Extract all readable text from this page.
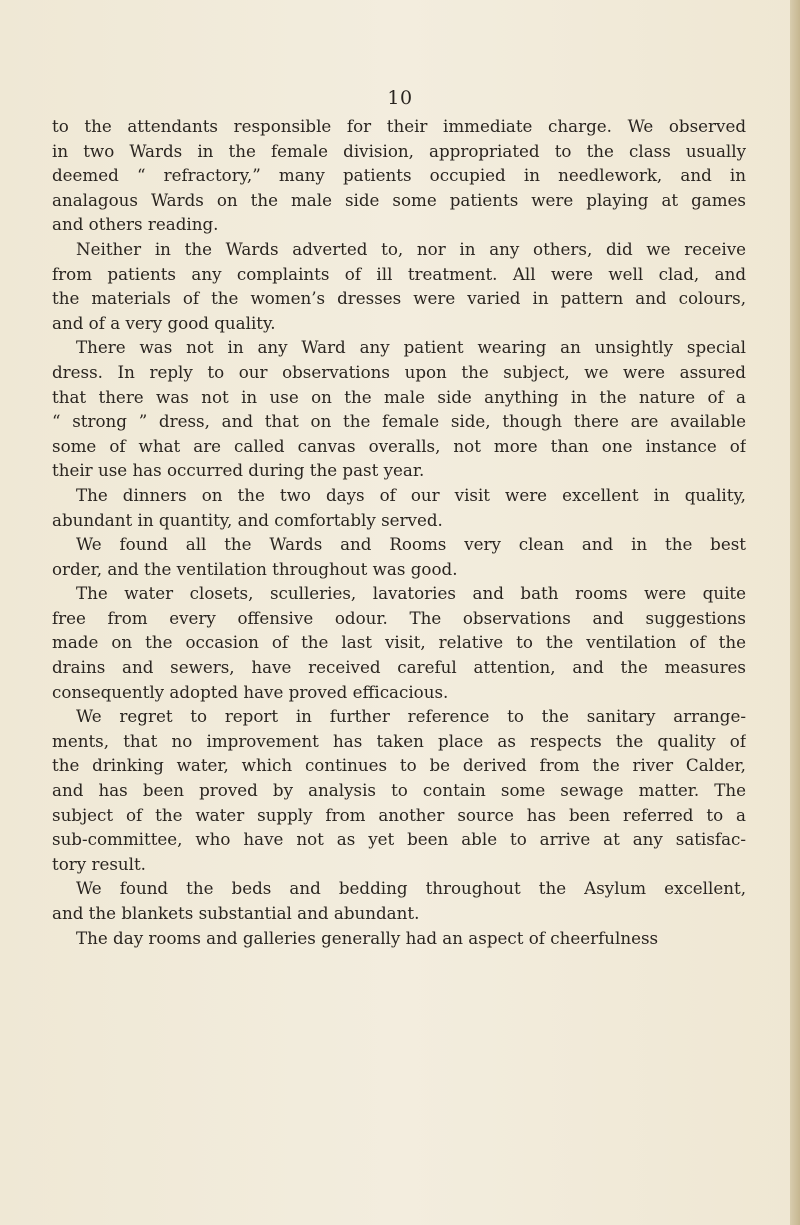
10
to the attendants responsible for their immediate charge. We observed
in two Wards in the female division, appropriated to the class usually
deemed “ refractory,” many patients occupied in needlework, and in
analagous Wards on the male side some patients were playing at games
and others reading.
Neither in the Wards adverted to, nor in any others, did we receive
from patients any complaints of ill treatment. All were well clad, and
the materials of the women’s dresses were varied in pattern and colours,
and of a very good quality.
There was not in any Ward any patient wearing an unsightly special
dress. In reply to our observations upon the subject, we were assured
that there was not in use on the male side anything in the nature of a
“ strong ” dress, and that on the female side, though there are available
some of what are called canvas overalls, not more than one instance of
their use has occurred during the past year.
The dinners on the two days of our visit were excellent in quality,
abundant in quantity, and comfortably served.
We found all the Wards and Rooms very clean and in the best
order, and the ventilation throughout was good.
The water closets, sculleries, lavatories and bath rooms were quite
free from every offensive odour. The observations and suggestions
made on the occasion of the last visit, relative to the ventilation of the
drains and sewers, have received careful attention, and the measures
consequently adopted have proved efficacious.
We regret to report in further reference to the sanitary arrange-
ments, that no improvement has taken place as respects the quality of
the drinking water, which continues to be derived from the river Calder,
and has been proved by analysis to contain some sewage matter. The
subject of the water supply from another source has been referred to a
sub-committee, who have not as yet been able to arrive at any satisfac-
tory result.
We found the beds and bedding throughout the Asylum excellent,
and the blankets substantial and abundant.
The day rooms and galleries generally had an aspect of cheerfulness
